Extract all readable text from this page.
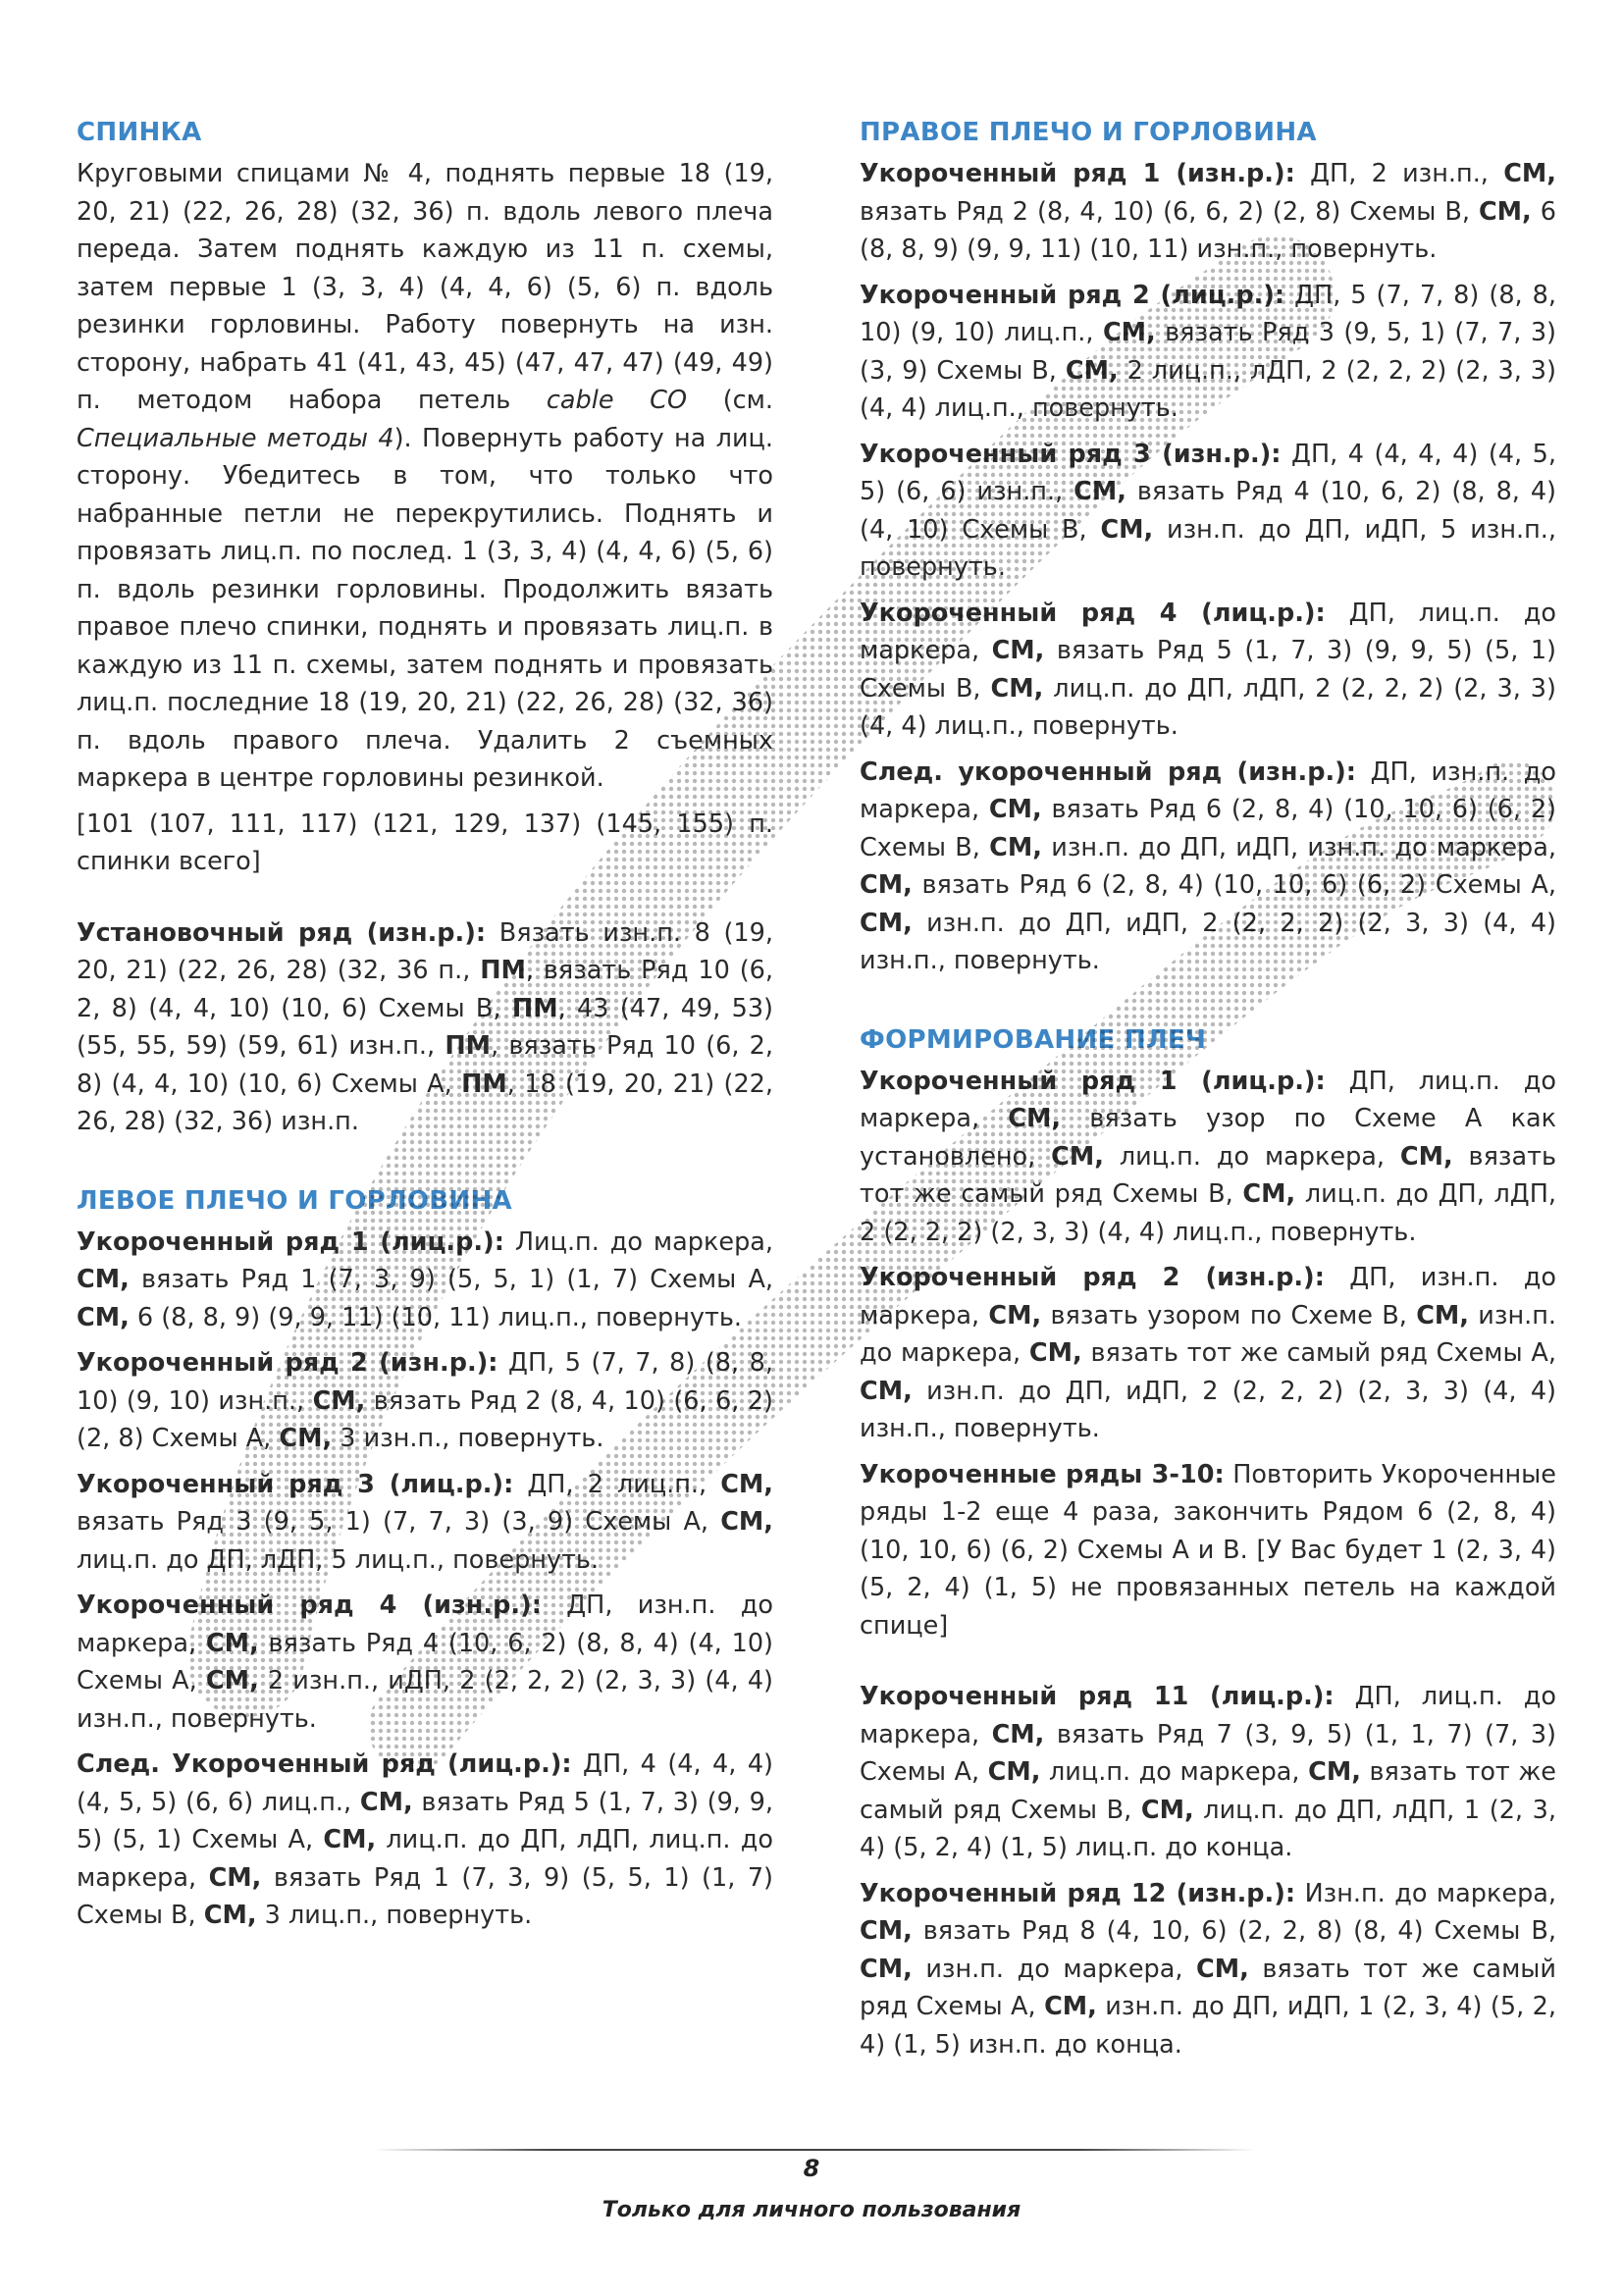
СПИНКА

Круговыми спицами № 4, поднять первые 18 (19, 20, 21) (22, 26, 28) (32, 36) п. вдоль левого плеча переда. Затем поднять каждую из 11 п. схемы, затем первые 1 (3, 3, 4) (4, 4, 6) (5, 6) п. вдоль резинки горловины. Работу повернуть на изн. сторону, набрать 41 (41, 43, 45) (47, 47, 47) (49, 49) п. методом набора петель cable CO (см. Специальные методы 4). Повернуть работу на лиц. сторону. Убедитесь в том, что только что набранные петли не перекрутились. Поднять и провязать лиц.п. по послед. 1 (3, 3, 4) (4, 4, 6) (5, 6) п. вдоль резинки горловины. Продолжить вязать правое плечо спинки, поднять и провязать лиц.п. в каждую из 11 п. схемы, затем поднять и провязать лиц.п. последние 18 (19, 20, 21) (22, 26, 28) (32, 36) п. вдоль правого плеча. Удалить 2 съемных маркера в центре горловины резинкой.

[101 (107, 111, 117) (121, 129, 137) (145, 155) п. спинки всего]

Установочный ряд (изн.р.): Вязать изн.п. 8 (19, 20, 21) (22, 26, 28) (32, 36 п., ПМ, вязать Ряд 10 (6, 2, 8) (4, 4, 10) (10, 6) Схемы В, ПМ, 43 (47, 49, 53) (55, 55, 59) (59, 61) изн.п., ПМ, вязать Ряд 10 (6, 2, 8) (4, 4, 10) (10, 6) Схемы А, ПМ, 18 (19, 20, 21) (22, 26, 28) (32, 36) изн.п.

ЛЕВОЕ ПЛЕЧО И ГОРЛОВИНА

Укороченный ряд 1 (лиц.р.): Лиц.п. до маркера, СМ, вязать Ряд 1 (7, 3, 9) (5, 5, 1) (1, 7) Схемы А, СМ, 6 (8, 8, 9) (9, 9, 11) (10, 11) лиц.п., повернуть.

Укороченный ряд 2 (изн.р.): ДП, 5 (7, 7, 8) (8, 8, 10) (9, 10) изн.п., СМ, вязать Ряд 2 (8, 4, 10) (6, 6, 2) (2, 8) Схемы А, СМ, 3 изн.п., повернуть.

Укороченный ряд 3 (лиц.р.): ДП, 2 лиц.п., СМ, вязать Ряд 3 (9, 5, 1) (7, 7, 3) (3, 9) Схемы А, СМ, лиц.п. до ДП, лДП, 5 лиц.п., повернуть.

Укороченный ряд 4 (изн.р.): ДП, изн.п. до маркера, СМ, вязать Ряд 4 (10, 6, 2) (8, 8, 4) (4, 10) Схемы А, СМ, 2 изн.п., иДП, 2 (2, 2, 2) (2, 3, 3) (4, 4) изн.п., повернуть.

След. Укороченный ряд (лиц.р.): ДП, 4 (4, 4, 4) (4, 5, 5) (6, 6) лиц.п., СМ, вязать Ряд 5 (1, 7, 3) (9, 9, 5) (5, 1) Схемы А, СМ, лиц.п. до ДП, лДП, лиц.п. до маркера, СМ, вязать Ряд 1 (7, 3, 9) (5, 5, 1) (1, 7) Схемы В, СМ, 3 лиц.п., повернуть.

ПРАВОЕ ПЛЕЧО И ГОРЛОВИНА

Укороченный ряд 1 (изн.р.): ДП, 2 изн.п., СМ, вязать Ряд 2 (8, 4, 10) (6, 6, 2) (2, 8) Схемы В, СМ, 6 (8, 8, 9) (9, 9, 11) (10, 11) изн.п., повернуть.

Укороченный ряд 2 (лиц.р.): ДП, 5 (7, 7, 8) (8, 8, 10) (9, 10) лиц.п., СМ, вязать Ряд 3 (9, 5, 1) (7, 7, 3) (3, 9) Схемы В, СМ, 2 лиц.п., лДП, 2 (2, 2, 2) (2, 3, 3) (4, 4) лиц.п., повернуть.

Укороченный ряд 3 (изн.р.): ДП, 4 (4, 4, 4) (4, 5, 5) (6, 6) изн.п., СМ, вязать Ряд 4 (10, 6, 2) (8, 8, 4) (4, 10) Схемы В, СМ, изн.п. до ДП, иДП, 5 изн.п., повернуть.

Укороченный ряд 4 (лиц.р.): ДП, лиц.п. до маркера, СМ, вязать Ряд 5 (1, 7, 3) (9, 9, 5) (5, 1) Схемы В, СМ, лиц.п. до ДП, лДП, 2 (2, 2, 2) (2, 3, 3) (4, 4) лиц.п., повернуть.

След. укороченный ряд (изн.р.): ДП, изн.п. до маркера, СМ, вязать Ряд 6 (2, 8, 4) (10, 10, 6) (6, 2) Схемы В, СМ, изн.п. до ДП, иДП, изн.п. до маркера, СМ, вязать Ряд 6 (2, 8, 4) (10, 10, 6) (6, 2) Схемы А, СМ, изн.п. до ДП, иДП, 2 (2, 2, 2) (2, 3, 3) (4, 4) изн.п., повернуть.

ФОРМИРОВАНИЕ ПЛЕЧ

Укороченный ряд 1 (лиц.р.): ДП, лиц.п. до маркера, СМ, вязать узор по Схеме А как установлено, СМ, лиц.п. до маркера, СМ, вязать тот же самый ряд Схемы В, СМ, лиц.п. до ДП, лДП, 2 (2, 2, 2) (2, 3, 3) (4, 4) лиц.п., повернуть.

Укороченный ряд 2 (изн.р.): ДП, изн.п. до маркера, СМ, вязать узором по Схеме В, СМ, изн.п. до маркера, СМ, вязать тот же самый ряд Схемы А, СМ, изн.п. до ДП, иДП, 2 (2, 2, 2) (2, 3, 3) (4, 4) изн.п., повернуть.

Укороченные ряды 3-10: Повторить Укороченные ряды 1-2 еще 4 раза, закончить Рядом 6 (2, 8, 4) (10, 10, 6) (6, 2) Схемы А и В. [У Вас будет 1 (2, 3, 4) (5, 2, 4) (1, 5) не провязанных петель на каждой спице]

Укороченный ряд 11 (лиц.р.): ДП, лиц.п. до маркера, СМ, вязать Ряд 7 (3, 9, 5) (1, 1, 7) (7, 3) Схемы А, СМ, лиц.п. до маркера, СМ, вязать тот же самый ряд Схемы В, СМ, лиц.п. до ДП, лДП, 1 (2, 3, 4) (5, 2, 4) (1, 5) лиц.п. до конца.

Укороченный ряд 12 (изн.р.): Изн.п. до маркера, СМ, вязать Ряд 8 (4, 10, 6) (2, 2, 8) (8, 4) Схемы В, СМ, изн.п. до маркера, СМ, вязать тот же самый ряд Схемы А, СМ, изн.п. до ДП, иДП, 1 (2, 3, 4) (5, 2, 4) (1, 5) изн.п. до конца.

8
Только для личного пользования
